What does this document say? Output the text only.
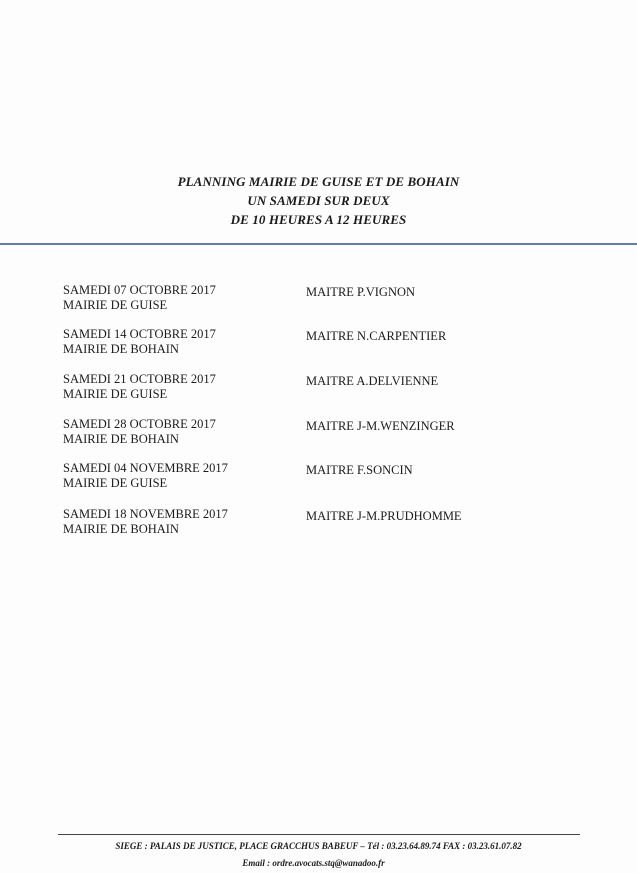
PLANNING MAIRIE DE GUISE ET DE BOHAIN
UN SAMEDI SUR DEUX
DE 10 HEURES A 12 HEURES
SAMEDI 07 OCTOBRE 2017
MAIRIE DE GUISE
MAITRE P.VIGNON
SAMEDI 14 OCTOBRE 2017
MAIRIE DE BOHAIN
MAITRE N.CARPENTIER
SAMEDI 21 OCTOBRE 2017
MAIRIE DE GUISE
MAITRE A.DELVIENNE
SAMEDI 28 OCTOBRE 2017
MAIRIE DE BOHAIN
MAITRE J-M.WENZINGER
SAMEDI 04 NOVEMBRE 2017
MAIRIE DE GUISE
MAITRE F.SONCIN
SAMEDI 18 NOVEMBRE 2017
MAIRIE DE BOHAIN
MAITRE J-M.PRUDHOMME
SIEGE : PALAIS DE JUSTICE, PLACE GRACCHUS BABEUF – Tél : 03.23.64.89.74 FAX : 03.23.61.07.82
Email : ordre.avocats.stq@wanadoo.fr
